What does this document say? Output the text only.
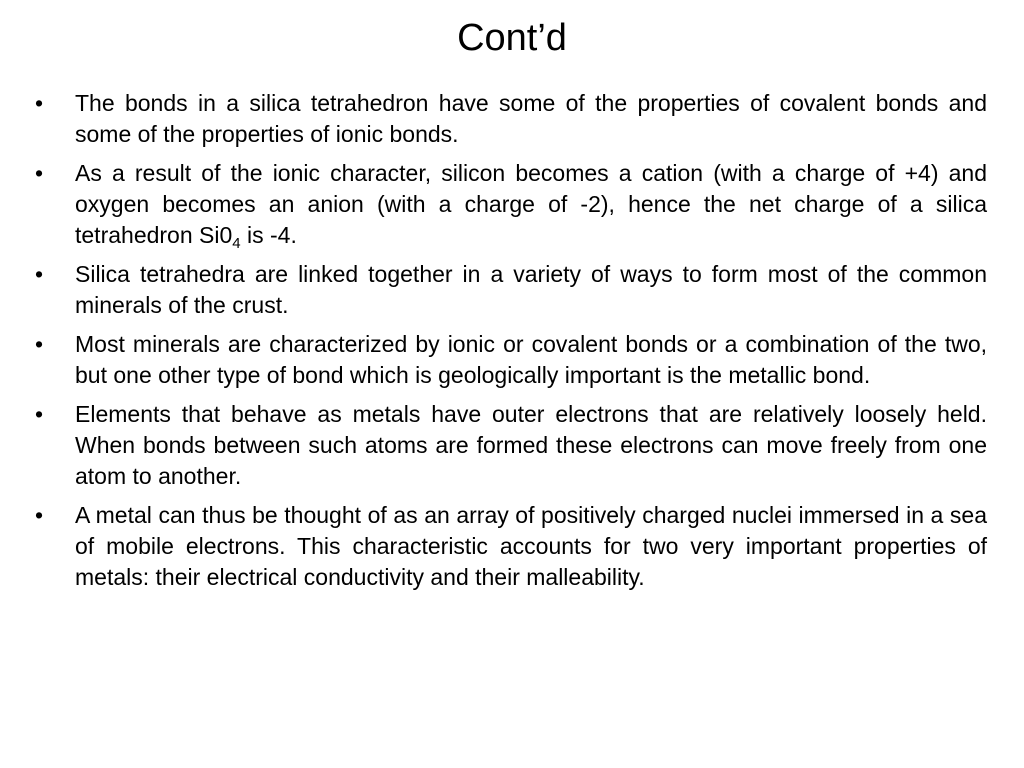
Cont’d
•	The bonds in a silica tetrahedron have some of the properties of covalent bonds and some of the properties of ionic bonds.
•	As a result of the ionic character, silicon becomes a cation (with a charge of +4) and oxygen becomes an anion (with a charge of -2), hence the net charge of a silica tetrahedron $Si0_4$ is -4.
•	Silica tetrahedra are linked together in a variety of ways to form most of the common minerals of the crust.
•	Most minerals are characterized by ionic or covalent bonds or a combination of the two, but one other type of bond which is geologically important is the metallic bond.
•	Elements that behave as metals have outer electrons that are relatively loosely held. When bonds between such atoms are formed these electrons can move freely from one atom to another.
•	A metal can thus be thought of as an array of positively charged nuclei immersed in a sea of mobile electrons. This characteristic accounts for two very important properties of metals: their electrical conductivity and their malleability.
